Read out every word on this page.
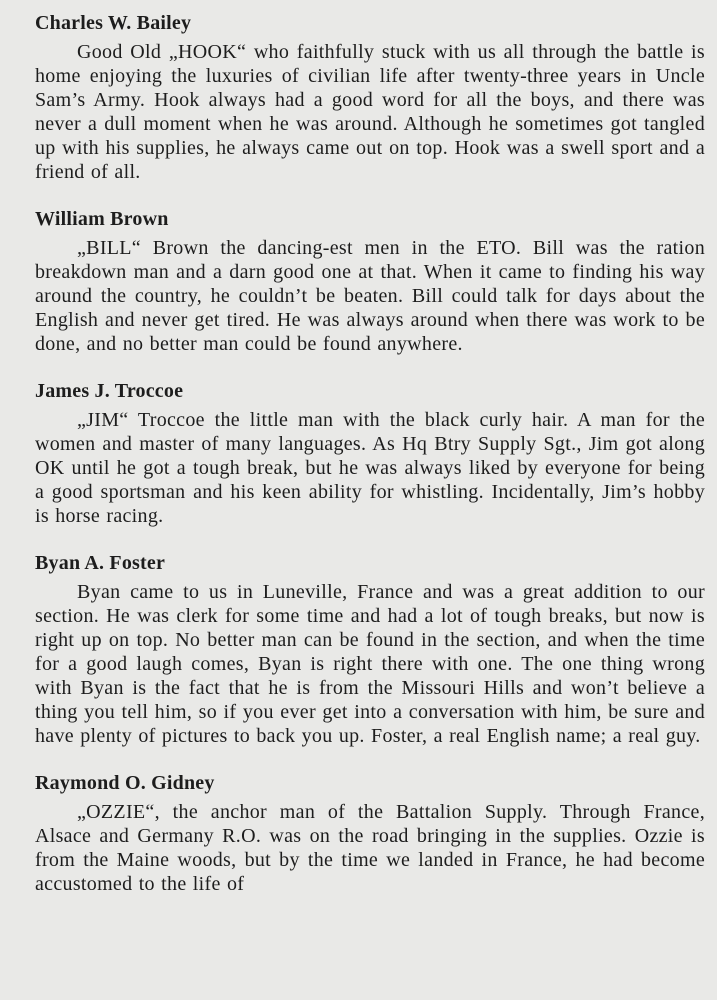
Charles W. Bailey

Good Old „HOOK“ who faithfully stuck with us all through the battle is home enjoying the luxuries of civilian life after twenty-three years in Uncle Sam’s Army. Hook always had a good word for all the boys, and there was never a dull moment when he was around. Although he sometimes got tangled up with his supplies, he always came out on top. Hook was a swell sport and a friend of all.

William Brown

„BILL“ Brown the dancing-est men in the ETO. Bill was the ration breakdown man and a darn good one at that. When it came to finding his way around the country, he couldn’t be beaten. Bill could talk for days about the English and never get tired. He was always around when there was work to be done, and no better man could be found anywhere.

James J. Troccoe

„JIM“ Troccoe the little man with the black curly hair. A man for the women and master of many languages. As Hq Btry Supply Sgt., Jim got along OK until he got a tough break, but he was always liked by everyone for being a good sportsman and his keen ability for whistling. Incidentally, Jim’s hobby is horse racing.

Byan A. Foster

Byan came to us in Luneville, France and was a great addition to our section. He was clerk for some time and had a lot of tough breaks, but now is right up on top. No better man can be found in the section, and when the time for a good laugh comes, Byan is right there with one. The one thing wrong with Byan is the fact that he is from the Missouri Hills and won’t believe a thing you tell him, so if you ever get into a conversation with him, be sure and have plenty of pictures to back you up. Foster, a real English name; a real guy.

Raymond O. Gidney

„OZZIE“, the anchor man of the Battalion Supply. Through France, Alsace and Germany R.O. was on the road bringing in the supplies. Ozzie is from the Maine woods, but by the time we landed in France, he had become accustomed to the life of
